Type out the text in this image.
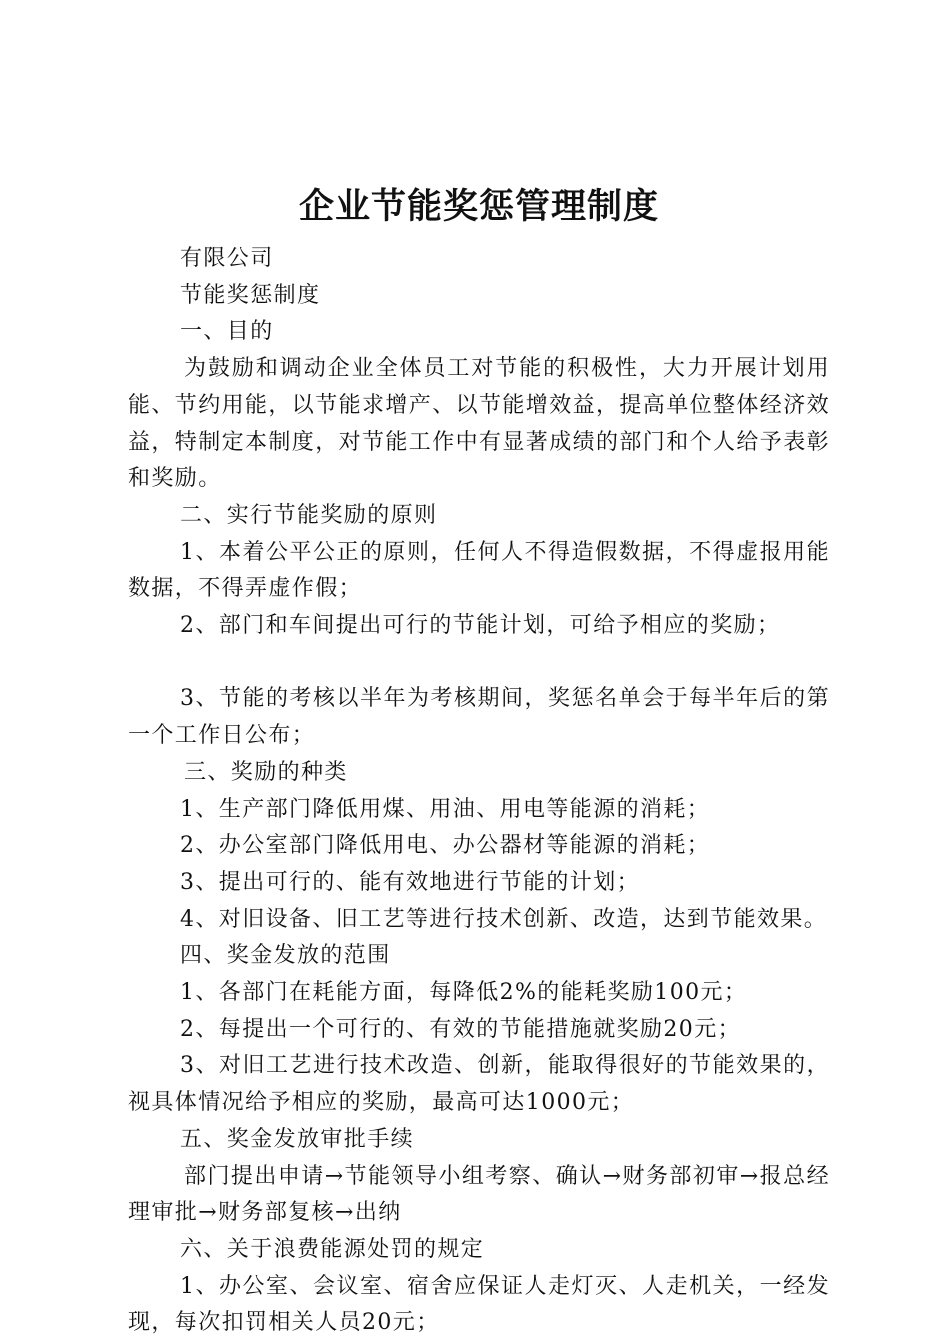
企业节能奖惩管理制度

有限公司

节能奖惩制度

一、目的

为鼓励和调动企业全体员工对节能的积极性，大力开展计划用能、节约用能，以节能求增产、以节能增效益，提高单位整体经济效益，特制定本制度，对节能工作中有显著成绩的部门和个人给予表彰和奖励。

二、实行节能奖励的原则

1、本着公平公正的原则，任何人不得造假数据，不得虚报用能数据，不得弄虚作假；

2、部门和车间提出可行的节能计划，可给予相应的奖励；

3、节能的考核以半年为考核期间，奖惩名单会于每半年后的第一个工作日公布；

三、奖励的种类

1、生产部门降低用煤、用油、用电等能源的消耗；

2、办公室部门降低用电、办公器材等能源的消耗；

3、提出可行的、能有效地进行节能的计划；

4、对旧设备、旧工艺等进行技术创新、改造，达到节能效果。

四、奖金发放的范围

1、各部门在耗能方面，每降低2%的能耗奖励100元；

2、每提出一个可行的、有效的节能措施就奖励20元；

3、对旧工艺进行技术改造、创新，能取得很好的节能效果的，视具体情况给予相应的奖励，最高可达1000元；

五、奖金发放审批手续

部门提出申请→节能领导小组考察、确认→财务部初审→报总经理审批→财务部复核→出纳

六、关于浪费能源处罚的规定

1、办公室、会议室、宿舍应保证人走灯灭、人走机关，一经发现，每次扣罚相关人员20元；
